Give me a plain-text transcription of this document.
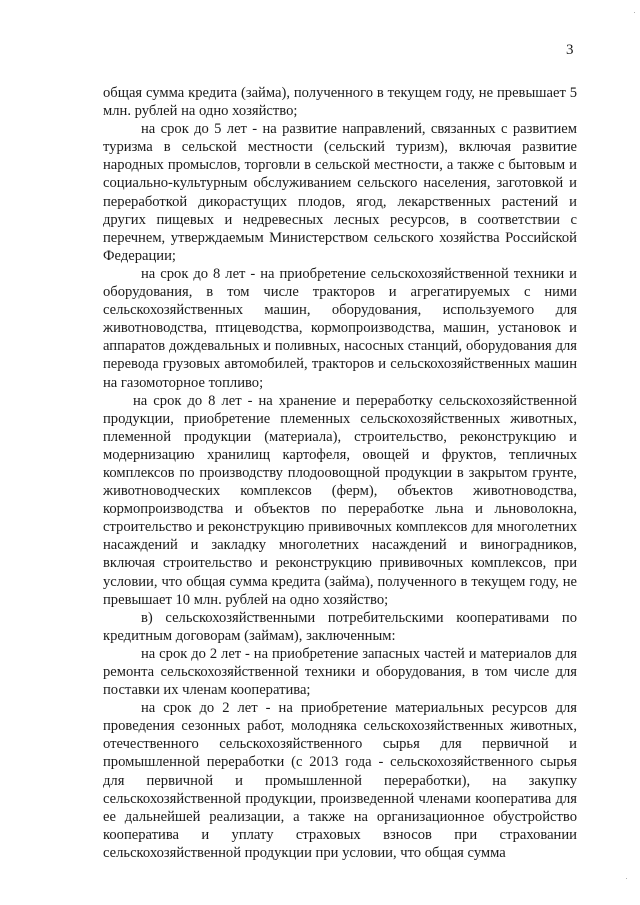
3

общая сумма кредита (займа), полученного в текущем году, не превышает 5 млн. рублей на одно хозяйство;

на срок до 5 лет - на развитие направлений, связанных с развитием туризма в сельской местности (сельский туризм), включая развитие народных промыслов, торговли в сельской местности, а также с бытовым и социально-культурным обслуживанием сельского населения, заготовкой и переработкой дикорастущих плодов, ягод, лекарственных растений и других пищевых и недревесных лесных ресурсов, в соответствии с перечнем, утверждаемым Министерством сельского хозяйства Российской Федерации;

на срок до 8 лет - на приобретение сельскохозяйственной техники и оборудования, в том числе тракторов и агрегатируемых с ними сельскохозяйственных машин, оборудования, используемого для животноводства, птицеводства, кормопроизводства, машин, установок и аппаратов дождевальных и поливных, насосных станций, оборудования для перевода грузовых автомобилей, тракторов и сельскохозяйственных машин на газомоторное топливо;

на срок до 8 лет - на хранение и переработку сельскохозяйственной продукции, приобретение племенных сельскохозяйственных животных, племенной продукции (материала), строительство, реконструкцию и модернизацию хранилищ картофеля, овощей и фруктов, тепличных комплексов по производству плодоовощной продукции в закрытом грунте, животноводческих комплексов (ферм), объектов животноводства, кормопроизводства и объектов по переработке льна и льноволокна, строительство и реконструкцию прививочных комплексов для многолетних насаждений и закладку многолетних насаждений и виноградников, включая строительство и реконструкцию прививочных комплексов, при условии, что общая сумма кредита (займа), полученного в текущем году, не превышает 10 млн. рублей на одно хозяйство;

в) сельскохозяйственными потребительскими кооперативами по кредитным договорам (займам), заключенным:

на срок до 2 лет - на приобретение запасных частей и материалов для ремонта сельскохозяйственной техники и оборудования, в том числе для поставки их членам кооператива;

на срок до 2 лет - на приобретение материальных ресурсов для проведения сезонных работ, молодняка сельскохозяйственных животных, отечественного сельскохозяйственного сырья для первичной и промышленной переработки (с 2013 года - сельскохозяйственного сырья для первичной и промышленной переработки), на закупку сельскохозяйственной продукции, произведенной членами кооператива для ее дальнейшей реализации, а также на организационное обустройство кооператива и уплату страховых взносов при страховании сельскохозяйственной продукции при условии, что общая сумма
